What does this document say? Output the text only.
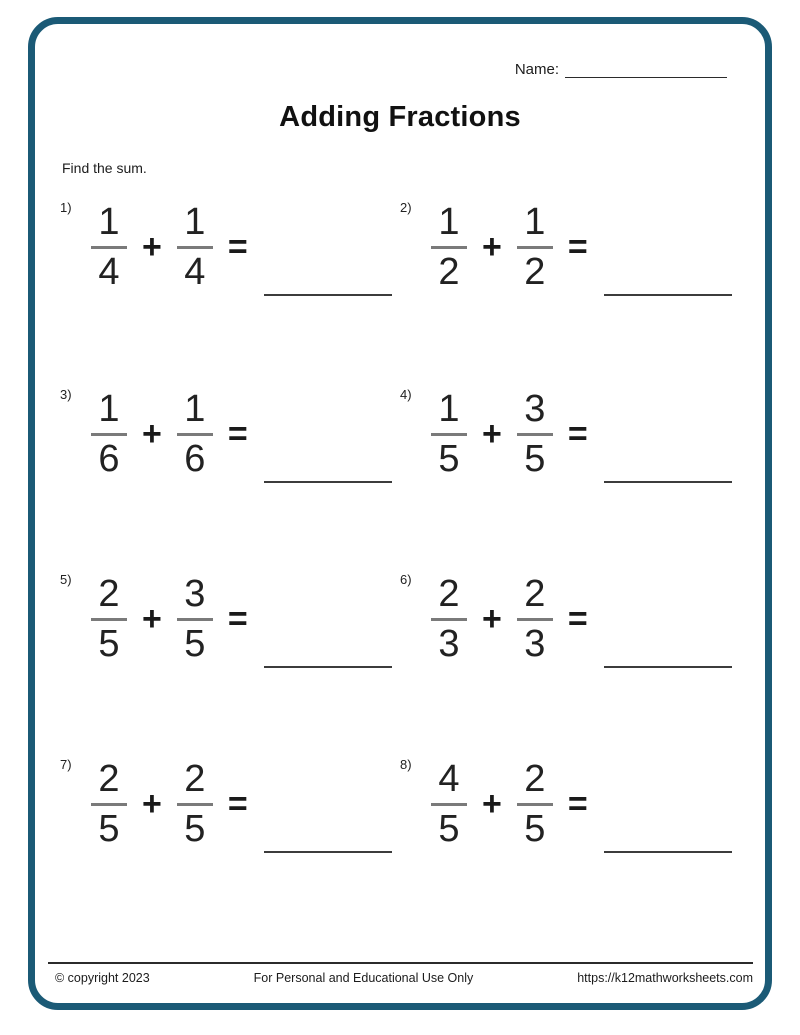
Name:
Adding Fractions
Find the sum.
$1) \frac{1}{4} + \frac{1}{4}$ =
$2) \frac{1}{2} + \frac{1}{2}$ =
$3) \frac{1}{6} + \frac{1}{6}$ =
$4) \frac{1}{5} + \frac{3}{5}$ =
$5) \frac{2}{5} + \frac{3}{5}$ =
$6) \frac{2}{3} + \frac{2}{3}$ =
$7) \frac{2}{5} + \frac{2}{5}$ =
$8) \frac{4}{5} + \frac{2}{5}$ =
© copyright 2023	For Personal and Educational Use Only	https://k12mathworksheets.com
